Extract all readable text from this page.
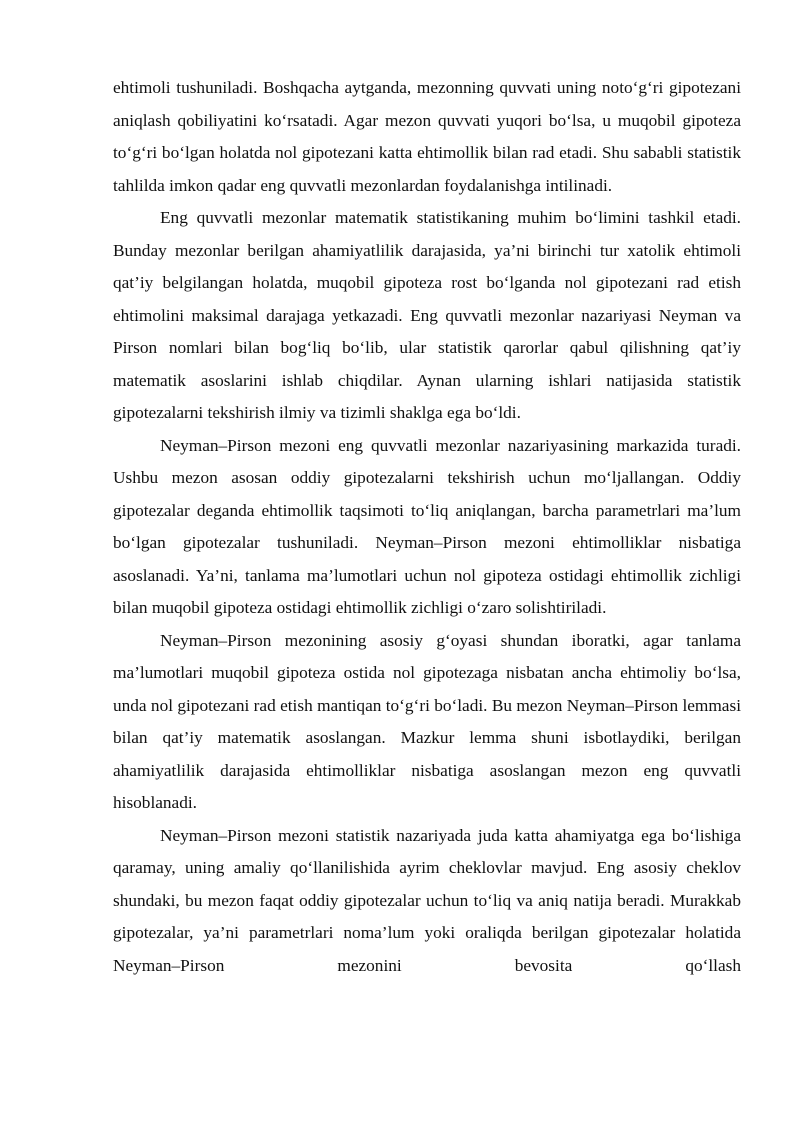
ehtimoli tushuniladi. Boshqacha aytganda, mezonning quvvati uning noto‘g‘ri gipotezani aniqlash qobiliyatini ko‘rsatadi. Agar mezon quvvati yuqori bo‘lsa, u muqobil gipoteza to‘g‘ri bo‘lgan holatda nol gipotezani katta ehtimollik bilan rad etadi. Shu sababli statistik tahlilda imkon qadar eng quvvatli mezonlardan foydalanishga intilinadi.

Eng quvvatli mezonlar matematik statistikaning muhim bo‘limini tashkil etadi. Bunday mezonlar berilgan ahamiyatlilik darajasida, ya’ni birinchi tur xatolik ehtimoli qat’iy belgilangan holatda, muqobil gipoteza rost bo‘lganda nol gipotezani rad etish ehtimolini maksimal darajaga yetkazadi. Eng quvvatli mezonlar nazariyasi Neyman va Pirson nomlari bilan bog‘liq bo‘lib, ular statistik qarorlar qabul qilishning qat’iy matematik asoslarini ishlab chiqdilar. Aynan ularning ishlari natijasida statistik gipotezalarni tekshirish ilmiy va tizimli shaklga ega bo‘ldi.

Neyman–Pirson mezoni eng quvvatli mezonlar nazariyasining markazida turadi. Ushbu mezon asosan oddiy gipotezalarni tekshirish uchun mo‘ljallangan. Oddiy gipotezalar deganda ehtimollik taqsimoti to‘liq aniqlangan, barcha parametrlari ma’lum bo‘lgan gipotezalar tushuniladi. Neyman–Pirson mezoni ehtimolliklar nisbatiga asoslanadi. Ya’ni, tanlama ma’lumotlari uchun nol gipoteza ostidagi ehtimollik zichligi bilan muqobil gipoteza ostidagi ehtimollik zichligi o‘zaro solishtiriladi.

Neyman–Pirson mezonining asosiy g‘oyasi shundan iboratki, agar tanlama ma’lumotlari muqobil gipoteza ostida nol gipotezaga nisbatan ancha ehtimoliy bo‘lsa, unda nol gipotezani rad etish mantiqan to‘g‘ri bo‘ladi. Bu mezon Neyman–Pirson lemmasi bilan qat’iy matematik asoslangan. Mazkur lemma shuni isbotlaydiki, berilgan ahamiyatlilik darajasida ehtimolliklar nisbatiga asoslangan mezon eng quvvatli hisoblanadi.

Neyman–Pirson mezoni statistik nazariyada juda katta ahamiyatga ega bo‘lishiga qaramay, uning amaliy qo‘llanilishida ayrim cheklovlar mavjud. Eng asosiy cheklov shundaki, bu mezon faqat oddiy gipotezalar uchun to‘liq va aniq natija beradi. Murakkab gipotezalar, ya’ni parametrlari noma’lum yoki oraliqda berilgan gipotezalar holatida Neyman–Pirson mezonini bevosita qo‘llash
